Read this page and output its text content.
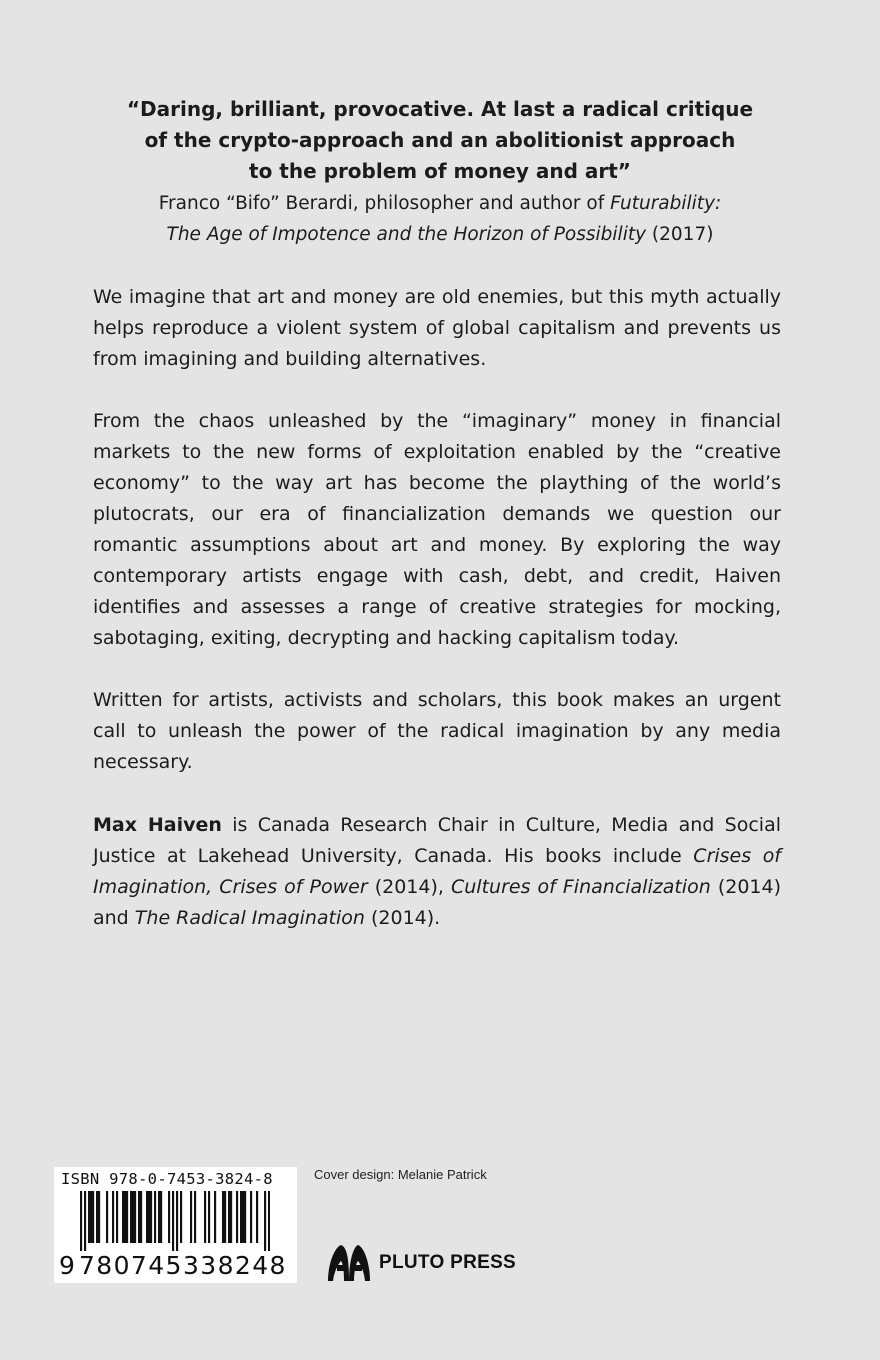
“Daring, brilliant, provocative. At last a radical critique

of the crypto-approach and an abolitionist approach

to the problem of money and art”

Franco “Bifo” Berardi, philosopher and author of Futurability:
The Age of Impotence and the Horizon of Possibility (2017)

We imagine that art and money are old enemies, but this myth actually helps reproduce a violent system of global capitalism and prevents us from imagining and building alternatives.

From the chaos unleashed by the “imaginary” money in financial markets to the new forms of exploitation enabled by the “creative economy” to the way art has become the plaything of the world’s plutocrats, our era of financialization demands we question our romantic assumptions about art and money. By exploring the way contemporary artists engage with cash, debt, and credit, Haiven identifies and assesses a range of creative strategies for mocking, sabotaging, exiting, decrypting and hacking capitalism today.

Written for artists, activists and scholars, this book makes an urgent call to unleash the power of the radical imagination by any media necessary.

Max Haiven is Canada Research Chair in Culture, Media and Social Justice at Lakehead University, Canada. His books include Crises of Imagination, Crises of Power (2014), Cultures of Financialization (2014) and The Radical Imagination (2014).

ISBN 978-0-7453-3824-8
9 780745338248
Cover design: Melanie Patrick
PLUTO PRESS
